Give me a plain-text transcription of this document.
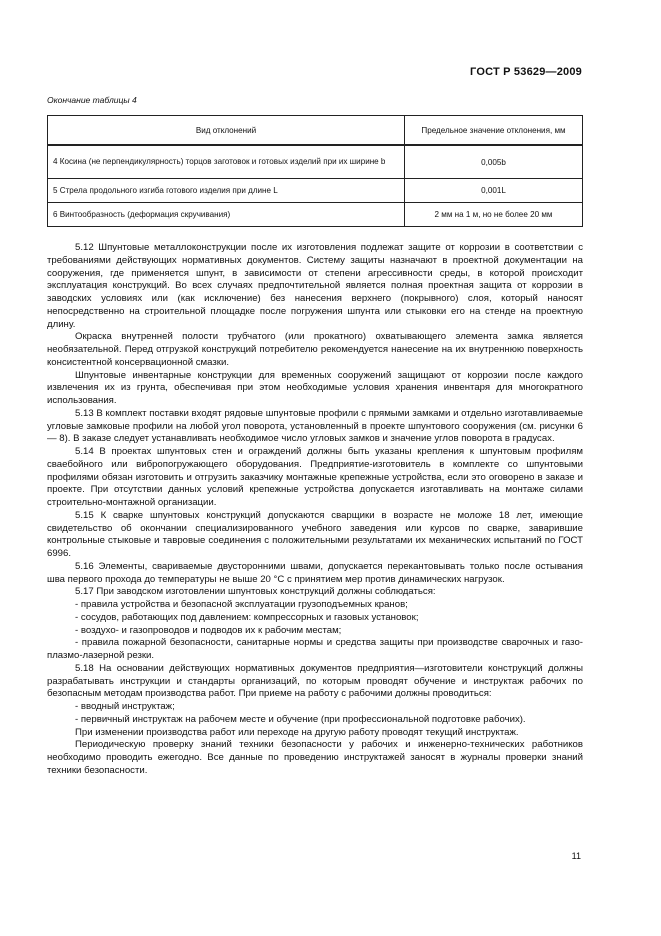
ГОСТ Р 53629—2009
Окончание таблицы 4
Вид отклонений	Предельное значение отклонения, мм
4 Косина (не перпендикулярность) торцов заготовок и готовых изделий при их ширине b	0,005b
5 Стрела продольного изгиба готового изделия при длине L	0,001L
6 Винтообразность (деформация скручивания)	2 мм на 1 м, но не более 20 мм

5.12 Шпунтовые металлоконструкции после их изготовления подлежат защите от коррозии в соответствии с требованиями действующих нормативных документов. Систему защиты назначают в проектной документации на сооружения, где применяется шпунт, в зависимости от степени агрессивности среды, в которой происходит эксплуатация конструкций. Во всех случаях предпочтительной является полная проектная защита от коррозии в заводских условиях или (как исключение) без нанесения верхнего (покрывного) слоя, который наносят непосредственно на строительной площадке после погружения шпунта или стыковки его на стенде на проектную длину.

Окраска внутренней полости трубчатого (или прокатного) охватывающего элемента замка является необязательной. Перед отгрузкой конструкций потребителю рекомендуется нанесение на их внутреннюю поверхность консистентной консервационной смазки.

Шпунтовые инвентарные конструкции для временных сооружений защищают от коррозии после каждого извлечения их из грунта, обеспечивая при этом необходимые условия хранения инвентаря для многократного использования.

5.13 В комплект поставки входят рядовые шпунтовые профили с прямыми замками и отдельно изготавливаемые угловые замковые профили на любой угол поворота, установленный в проекте шпунтового сооружения (см. рисунки 6 — 8). В заказе следует устанавливать необходимое число угловых замков и значение углов поворота в градусах.

5.14 В проектах шпунтовых стен и ограждений должны быть указаны крепления к шпунтовым профилям сваебойного или вибропогружающего оборудования. Предприятие-изготовитель в комплекте со шпунтовыми профилями обязан изготовить и отгрузить заказчику монтажные крепежные устройства, если это оговорено в заказе и проекте. При отсутствии данных условий крепежные устройства допускается изготавливать на монтаже силами строительно-монтажной организации.

5.15 К сварке шпунтовых конструкций допускаются сварщики в возрасте не моложе 18 лет, имеющие свидетельство об окончании специализированного учебного заведения или курсов по сварке, заварившие контрольные стыковые и тавровые соединения с положительными результатами их механических испытаний по ГОСТ 6996.

5.16 Элементы, свариваемые двусторонними швами, допускается перекантовывать только после остывания шва первого прохода до температуры не выше 20 °С с принятием мер против динамических нагрузок.

5.17 При заводском изготовлении шпунтовых конструкций должны соблюдаться:

- правила устройства и безопасной эксплуатации грузоподъемных кранов;

- сосудов, работающих под давлением: компрессорных и газовых установок;

- воздухо- и газопроводов и подводов их к рабочим местам;

- правила пожарной безопасности, санитарные нормы и средства защиты при производстве сварочных и газо- плазмо-лазерной резки.

5.18 На основании действующих нормативных документов предприятия—изготовители конструкций должны разрабатывать инструкции и стандарты организаций, по которым проводят обучение и инструктаж рабочих по безопасным методам производства работ. При приеме на работу с рабочими должны проводиться:

- вводный инструктаж;

- первичный инструктаж на рабочем месте и обучение (при профессиональной подготовке рабочих).

При изменении производства работ или переходе на другую работу проводят текущий инструктаж.

Периодическую проверку знаний техники безопасности у рабочих и инженерно-технических работников необходимо проводить ежегодно. Все данные по проведению инструктажей заносят в журналы проверки знаний техники безопасности.

11
